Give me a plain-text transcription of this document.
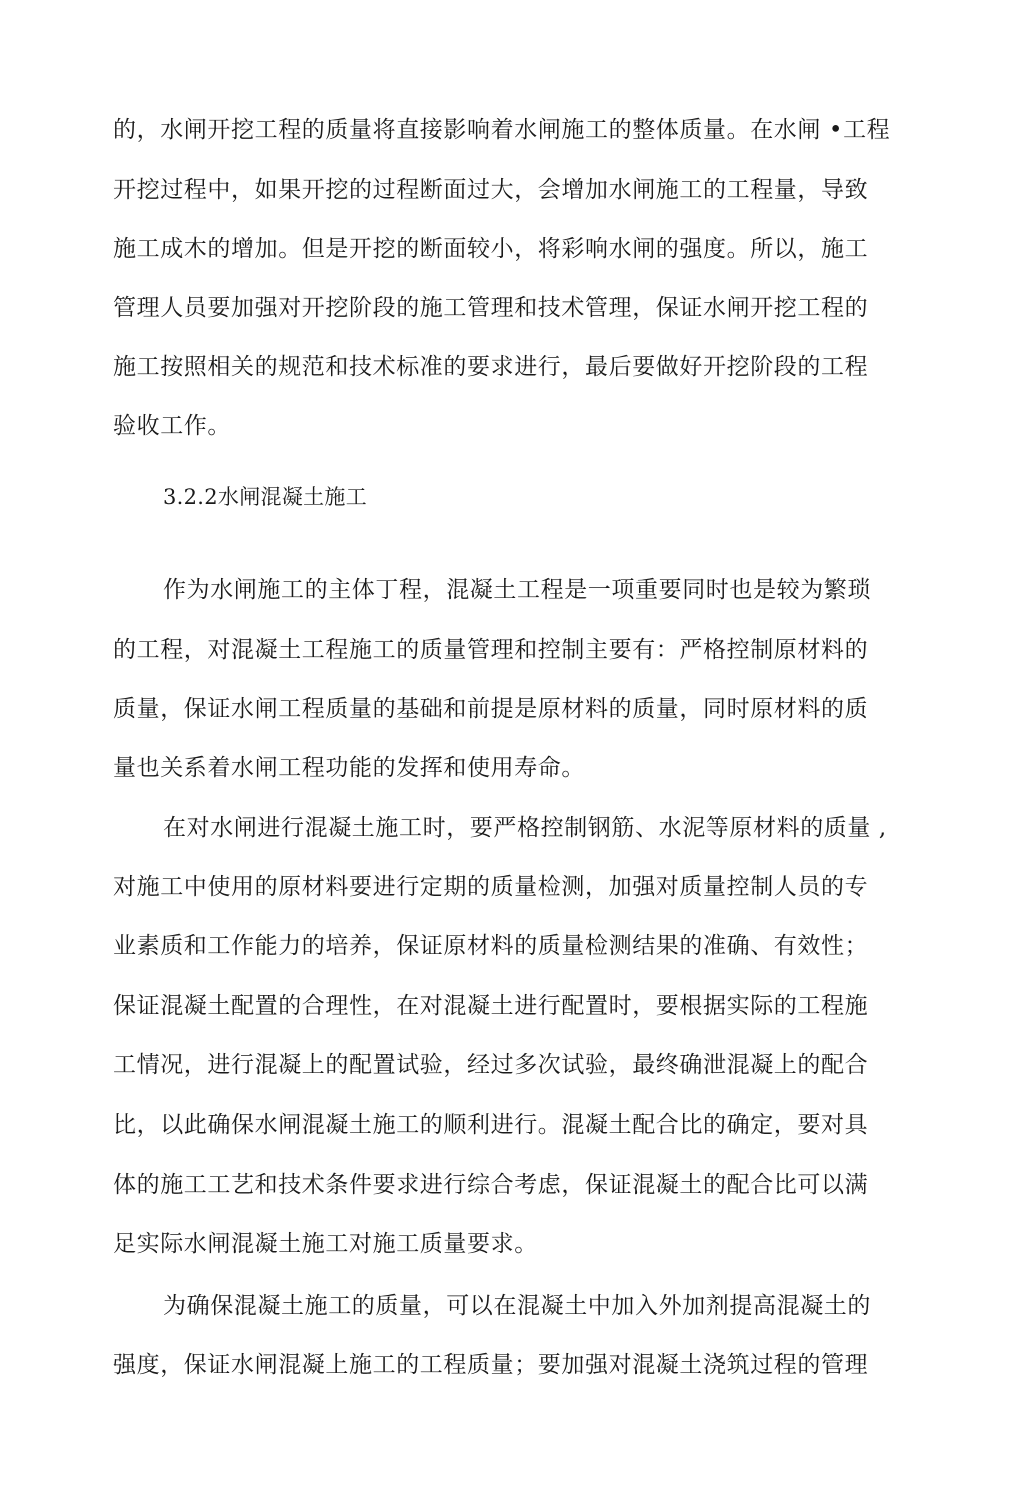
的，水闸开挖工程的质量将直接影响着水闸施工的整体质量。在水闸 •工程
开挖过程中，如果开挖的过程断面过大，会增加水闸施工的工程量，导致
施工成木的增加。但是开挖的断面较小，将彩响水闸的强度。所以，施工
管理人员要加强对开挖阶段的施工管理和技术管理，保证水闸开挖工程的
施工按照相关的规范和技术标准的要求进行，最后要做好开挖阶段的工程
验收工作。
3.2.2水闸混凝土施工
作为水闸施工的主体丁程，混凝土工程是一项重要同时也是较为繁琐
的工程，对混凝土工程施工的质量管理和控制主要有：严格控制原材料的
质量，保证水闸工程质量的基础和前提是原材料的质量，同时原材料的质
量也关系着水闸工程功能的发挥和使用寿命。
在对水闸进行混凝土施工时，要严格控制钢筋、水泥等原材料的质量 ,
对施工中使用的原材料要进行定期的质量检测，加强对质量控制人员的专
业素质和工作能力的培养，保证原材料的质量检测结果的准确、有效性；
保证混凝土配置的合理性，在对混凝土进行配置时，要根据实际的工程施
工情况，进行混凝上的配置试验，经过多次试验，最终确泄混凝上的配合
比，以此确保水闸混凝土施工的顺利进行。混凝土配合比的确定，要对具
体的施工工艺和技术条件要求进行综合考虑，保证混凝土的配合比可以满
足实际水闸混凝土施工对施工质量要求。
为确保混凝土施工的质量，可以在混凝土中加入外加剂提高混凝土的
强度，保证水闸混凝上施工的工程质量；要加强对混凝土浇筑过程的管理
